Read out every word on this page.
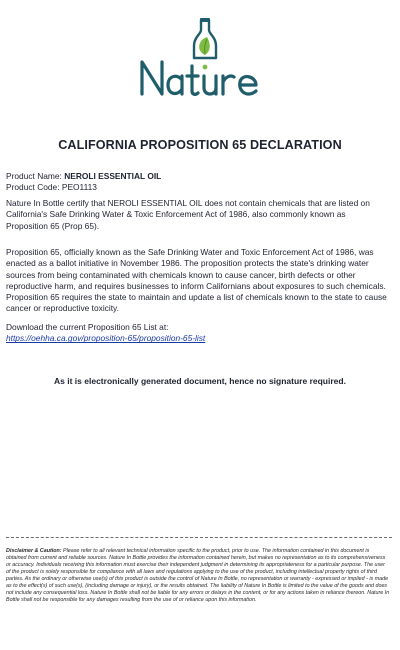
CALIFORNIA PROPOSITION 65 DECLARATION

Product Name: NEROLI ESSENTIAL OIL

Product Code: PEO1113

Nature In Bottle certify that NEROLI ESSENTIAL OIL does not contain chemicals that are listed on California's Safe Drinking Water & Toxic Enforcement Act of 1986, also commonly known as Proposition 65 (Prop 65).

Proposition 65, officially known as the Safe Drinking Water and Toxic Enforcement Act of 1986, was enacted as a ballot initiative in November 1986. The proposition protects the state's drinking water sources from being contaminated with chemicals known to cause cancer, birth defects or other reproductive harm, and requires businesses to inform Californians about exposures to such chemicals. Proposition 65 requires the state to maintain and update a list of chemicals known to the state to cause cancer or reproductive toxicity.

Download the current Proposition 65 List at:

https://oehha.ca.gov/proposition-65/proposition-65-list

As it is electronically generated document, hence no signature required.
Disclaimer & Caution: Please refer to all relevant technical information specific to the product, prior to use. The information contained in this document is obtained from current and reliable sources. Nature In Bottle provides the information contained herein, but makes no representation as to its comprehensiveness or accuracy. Individuals receiving this information must exercise their independent judgment in determining its appropriateness for a particular purpose. The user of the product is solely responsible for compliance with all laws and regulations applying to the use of the product, including intellectual property rights of third parties. As the ordinary or otherwise use(s) of this product is outside the control of Nature In Bottle, no representation or warranty - expressed or implied - is made as to the effect(s) of such use(s), (including damage or injury), or the results obtained. The liability of Nature In Bottle is limited to the value of the goods and does not include any consequential loss. Nature In Bottle shall not be liable for any errors or delays in the content, or for any actions taken in reliance thereon. Nature In Bottle shall not be responsible for any damages resulting from the use of or reliance upon this information.
